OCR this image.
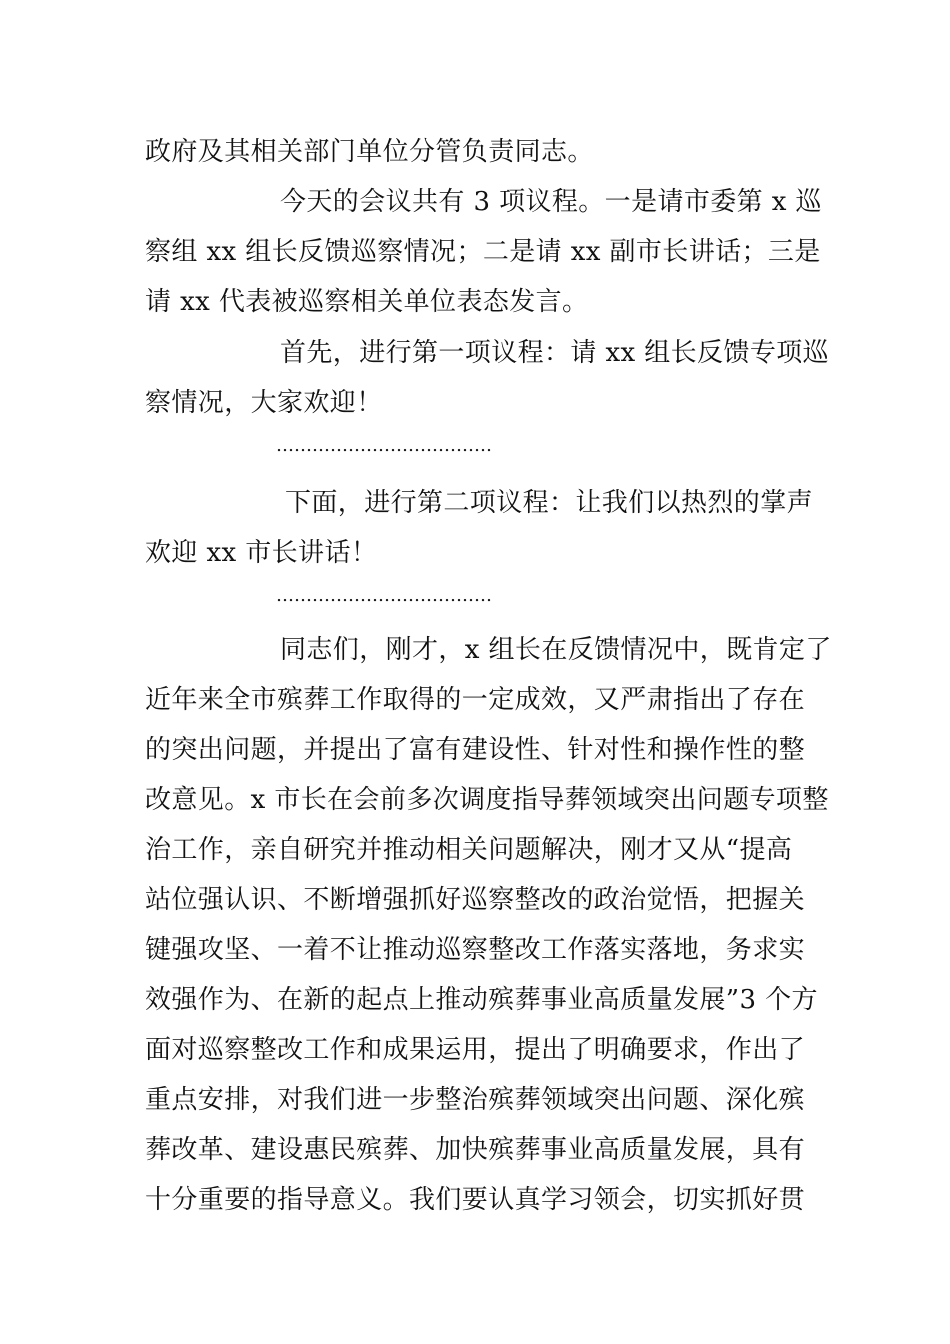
政府及其相关部门单位分管负责同志。
今天的会议共有 3 项议程。一是请市委第 x 巡
察组 xx 组长反馈巡察情况；二是请 xx 副市长讲话；三是
请 xx 代表被巡察相关单位表态发言。
首先，进行第一项议程：请 xx 组长反馈专项巡
察情况，大家欢迎！
………………………………
下面，进行第二项议程：让我们以热烈的掌声
欢迎 xx 市长讲话！
………………………………
同志们，刚才，x 组长在反馈情况中，既肯定了
近年来全市殡葬工作取得的一定成效，又严肃指出了存在
的突出问题，并提出了富有建设性、针对性和操作性的整
改意见。x 市长在会前多次调度指导葬领域突出问题专项整
治工作，亲自研究并推动相关问题解决，刚才又从“提高
站位强认识、不断增强抓好巡察整改的政治觉悟，把握关
键强攻坚、一着不让推动巡察整改工作落实落地，务求实
效强作为、在新的起点上推动殡葬事业高质量发展”3 个方
面对巡察整改工作和成果运用，提出了明确要求，作出了
重点安排，对我们进一步整治殡葬领域突出问题、深化殡
葬改革、建设惠民殡葬、加快殡葬事业高质量发展，具有
十分重要的指导意义。我们要认真学习领会，切实抓好贯
